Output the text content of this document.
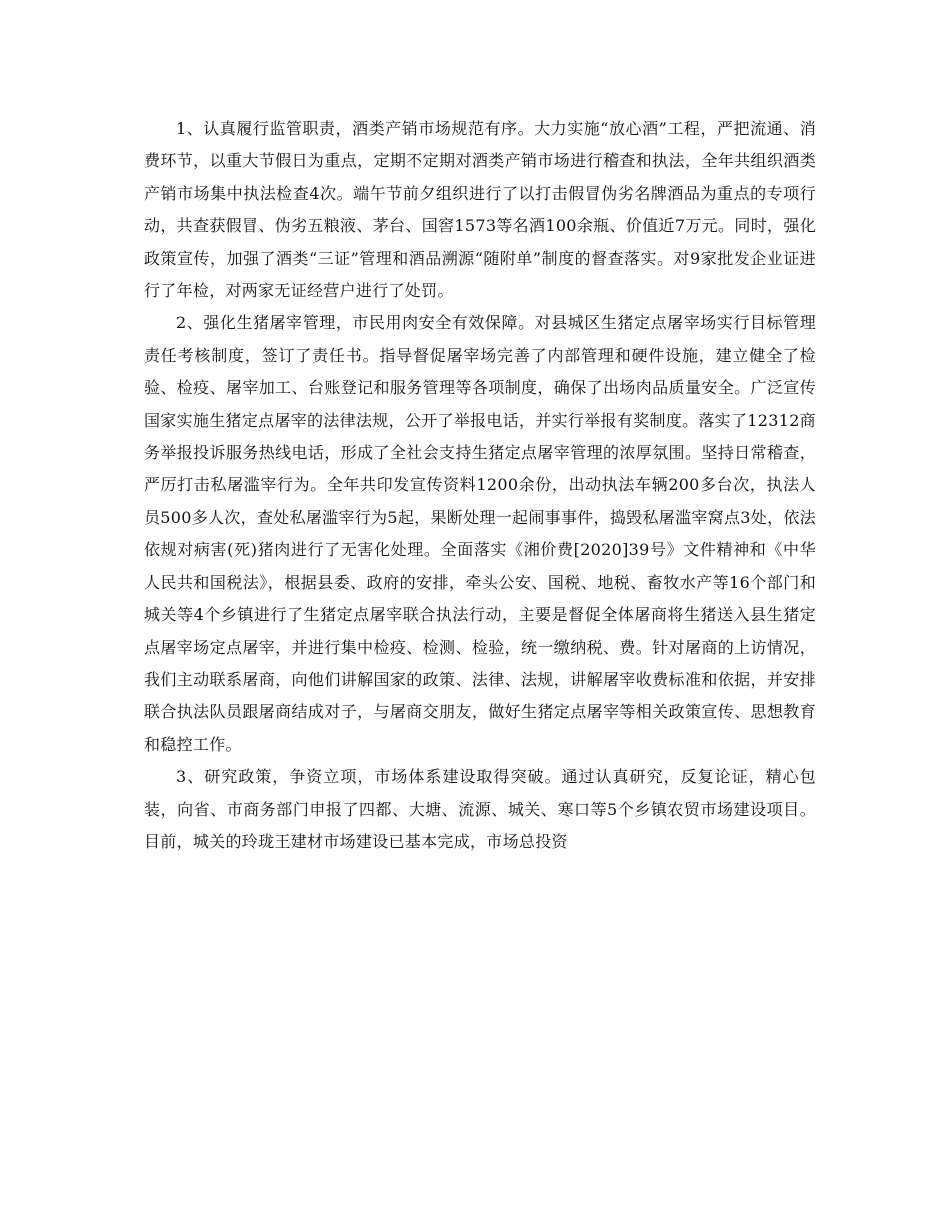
1、认真履行监管职责，酒类产销市场规范有序。大力实施“放心酒”工程，严把流通、消费环节，以重大节假日为重点，定期不定期对酒类产销市场进行稽查和执法，全年共组织酒类产销市场集中执法检查4次。端午节前夕组织进行了以打击假冒伪劣名牌酒品为重点的专项行动，共查获假冒、伪劣五粮液、茅台、国窖1573等名酒100余瓶、价值近7万元。同时，强化政策宣传，加强了酒类“三证”管理和酒品溯源“随附单”制度的督查落实。对9家批发企业证进行了年检，对两家无证经营户进行了处罚。

2、强化生猪屠宰管理，市民用肉安全有效保障。对县城区生猪定点屠宰场实行目标管理责任考核制度，签订了责任书。指导督促屠宰场完善了内部管理和硬件设施，建立健全了检验、检疫、屠宰加工、台账登记和服务管理等各项制度，确保了出场肉品质量安全。广泛宣传国家实施生猪定点屠宰的法律法规，公开了举报电话，并实行举报有奖制度。落实了12312商务举报投诉服务热线电话，形成了全社会支持生猪定点屠宰管理的浓厚氛围。坚持日常稽查，严厉打击私屠滥宰行为。全年共印发宣传资料1200余份，出动执法车辆200多台次，执法人员500多人次，查处私屠滥宰行为5起，果断处理一起闹事事件，捣毁私屠滥宰窝点3处，依法依规对病害(死)猪肉进行了无害化处理。全面落实《湘价费[2020]39号》文件精神和《中华人民共和国税法》，根据县委、政府的安排，牵头公安、国税、地税、畜牧水产等16个部门和城关等4个乡镇进行了生猪定点屠宰联合执法行动，主要是督促全体屠商将生猪送入县生猪定点屠宰场定点屠宰，并进行集中检疫、检测、检验，统一缴纳税、费。针对屠商的上访情况，我们主动联系屠商，向他们讲解国家的政策、法律、法规，讲解屠宰收费标准和依据，并安排联合执法队员跟屠商结成对子，与屠商交朋友，做好生猪定点屠宰等相关政策宣传、思想教育和稳控工作。

3、研究政策，争资立项，市场体系建设取得突破。通过认真研究，反复论证，精心包装，向省、市商务部门申报了四都、大塘、流源、城关、寒口等5个乡镇农贸市场建设项目。目前，城关的玲珑王建材市场建设已基本完成，市场总投资
